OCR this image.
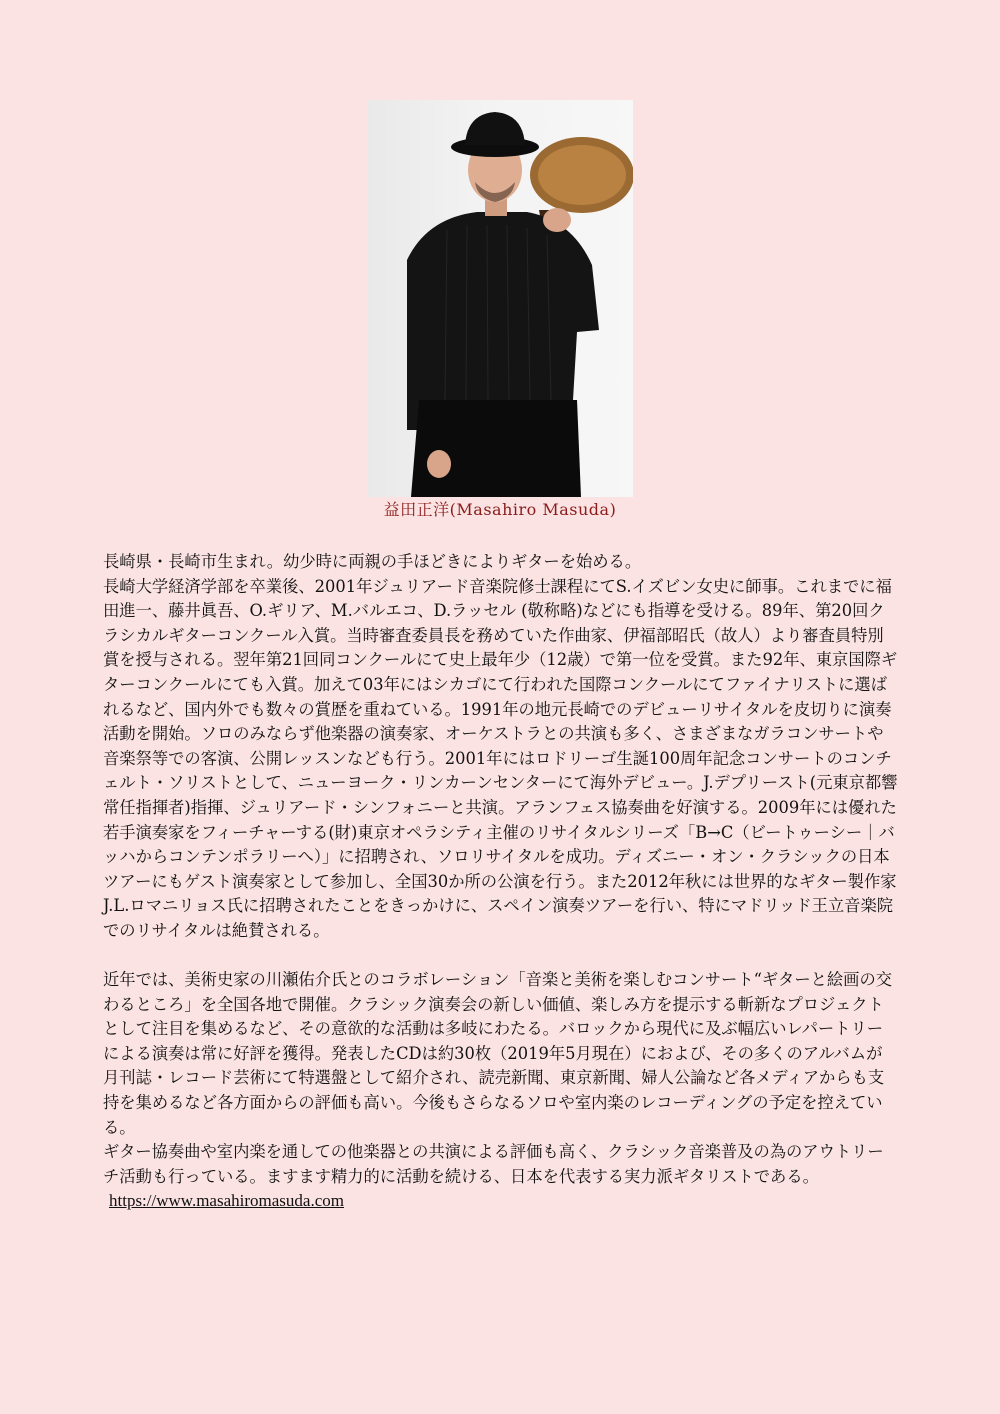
益田正洋(Masahiro Masuda)

長崎県・長崎市生まれ。幼少時に両親の手ほどきによりギターを始める。

長崎大学経済学部を卒業後、2001年ジュリアード音楽院修士課程にてS.イズビン女史に師事。これまでに福田進一、藤井眞吾、O.ギリア、M.バルエコ、D.ラッセル (敬称略)などにも指導を受ける。89年、第20回クラシカルギターコンクール入賞。当時審査委員長を務めていた作曲家、伊福部昭氏（故人）より審査員特別賞を授与される。翌年第21回同コンクールにて史上最年少（12歳）で第一位を受賞。また92年、東京国際ギターコンクールにても入賞。加えて03年にはシカゴにて行われた国際コンクールにてファイナリストに選ばれるなど、国内外でも数々の賞歴を重ねている。1991年の地元長崎でのデビューリサイタルを皮切りに演奏活動を開始。ソロのみならず他楽器の演奏家、オーケストラとの共演も多く、さまざまなガラコンサートや音楽祭等での客演、公開レッスンなども行う。2001年にはロドリーゴ生誕100周年記念コンサートのコンチェルト・ソリストとして、ニューヨーク・リンカーンセンターにて海外デビュー。J.デプリースト(元東京都響常任指揮者)指揮、ジュリアード・シンフォニーと共演。アランフェス協奏曲を好演する。2009年には優れた若手演奏家をフィーチャーする(財)東京オペラシティ主催のリサイタルシリーズ「B→C（ビートゥーシー｜バッハからコンテンポラリーへ）」に招聘され、ソロリサイタルを成功。ディズニー・オン・クラシックの日本ツアーにもゲスト演奏家として参加し、全国30か所の公演を行う。また2012年秋には世界的なギター製作家J.L.ロマニリョス氏に招聘されたことをきっかけに、スペイン演奏ツアーを行い、特にマドリッド王立音楽院でのリサイタルは絶賛される。

近年では、美術史家の川瀬佑介氏とのコラボレーション「音楽と美術を楽しむコンサート“ギターと絵画の交わるところ」を全国各地で開催。クラシック演奏会の新しい価値、楽しみ方を提示する斬新なプロジェクトとして注目を集めるなど、その意欲的な活動は多岐にわたる。バロックから現代に及ぶ幅広いレパートリーによる演奏は常に好評を獲得。発表したCDは約30枚（2019年5月現在）におよび、その多くのアルバムが月刊誌・レコード芸術にて特選盤として紹介され、読売新聞、東京新聞、婦人公論など各メディアからも支持を集めるなど各方面からの評価も高い。今後もさらなるソロや室内楽のレコーディングの予定を控えている。

ギター協奏曲や室内楽を通しての他楽器との共演による評価も高く、クラシック音楽普及の為のアウトリーチ活動も行っている。ますます精力的に活動を続ける、日本を代表する実力派ギタリストである。https://www.masahiromasuda.com
